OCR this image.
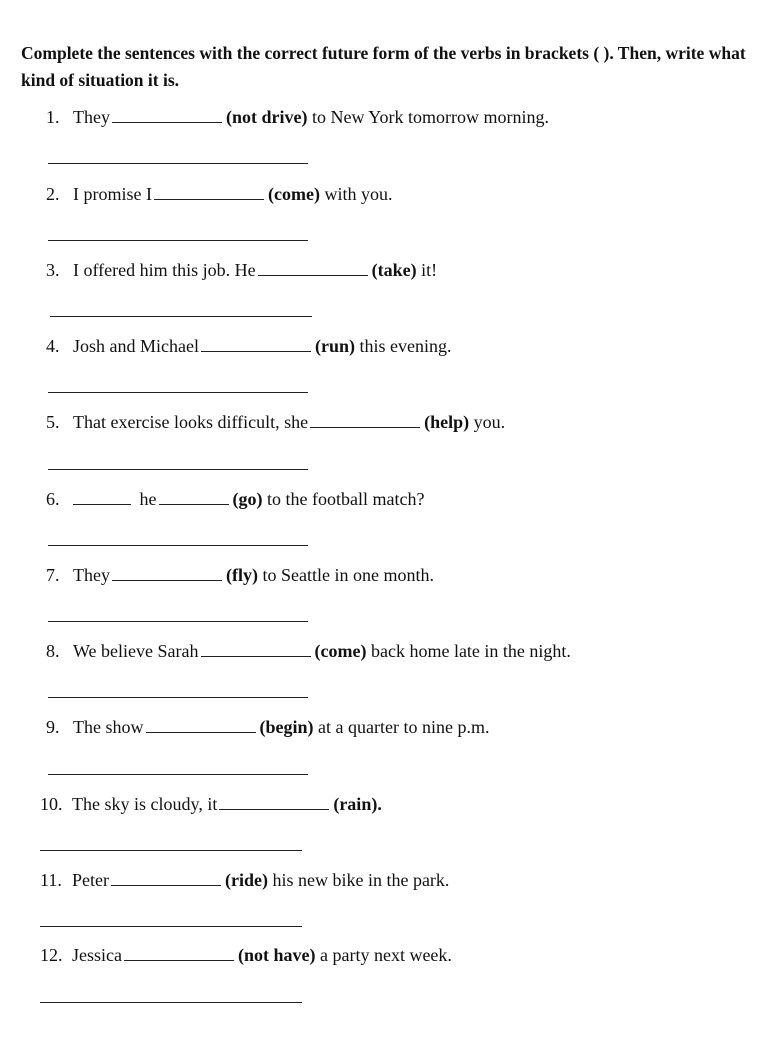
Complete the sentences with the correct future form of the verbs in brackets ( ). Then, write what kind of situation it is.

1. They	(not drive) to New York tomorrow morning.
2. I promise I	(come) with you.
3. I offered him this job. He	(take) it!
4. Josh and Michael	(run) this evening.
5. That exercise looks difficult, she	(help) you.
6.	he	(go) to the football match?
7. They	(fly) to Seattle in one month.
8. We believe Sarah	(come) back home late in the night.
9. The show	(begin) at a quarter to nine p.m.
10. The sky is cloudy, it	(rain).
11. Peter	(ride) his new bike in the park.
12. Jessica	(not have) a party next week.
